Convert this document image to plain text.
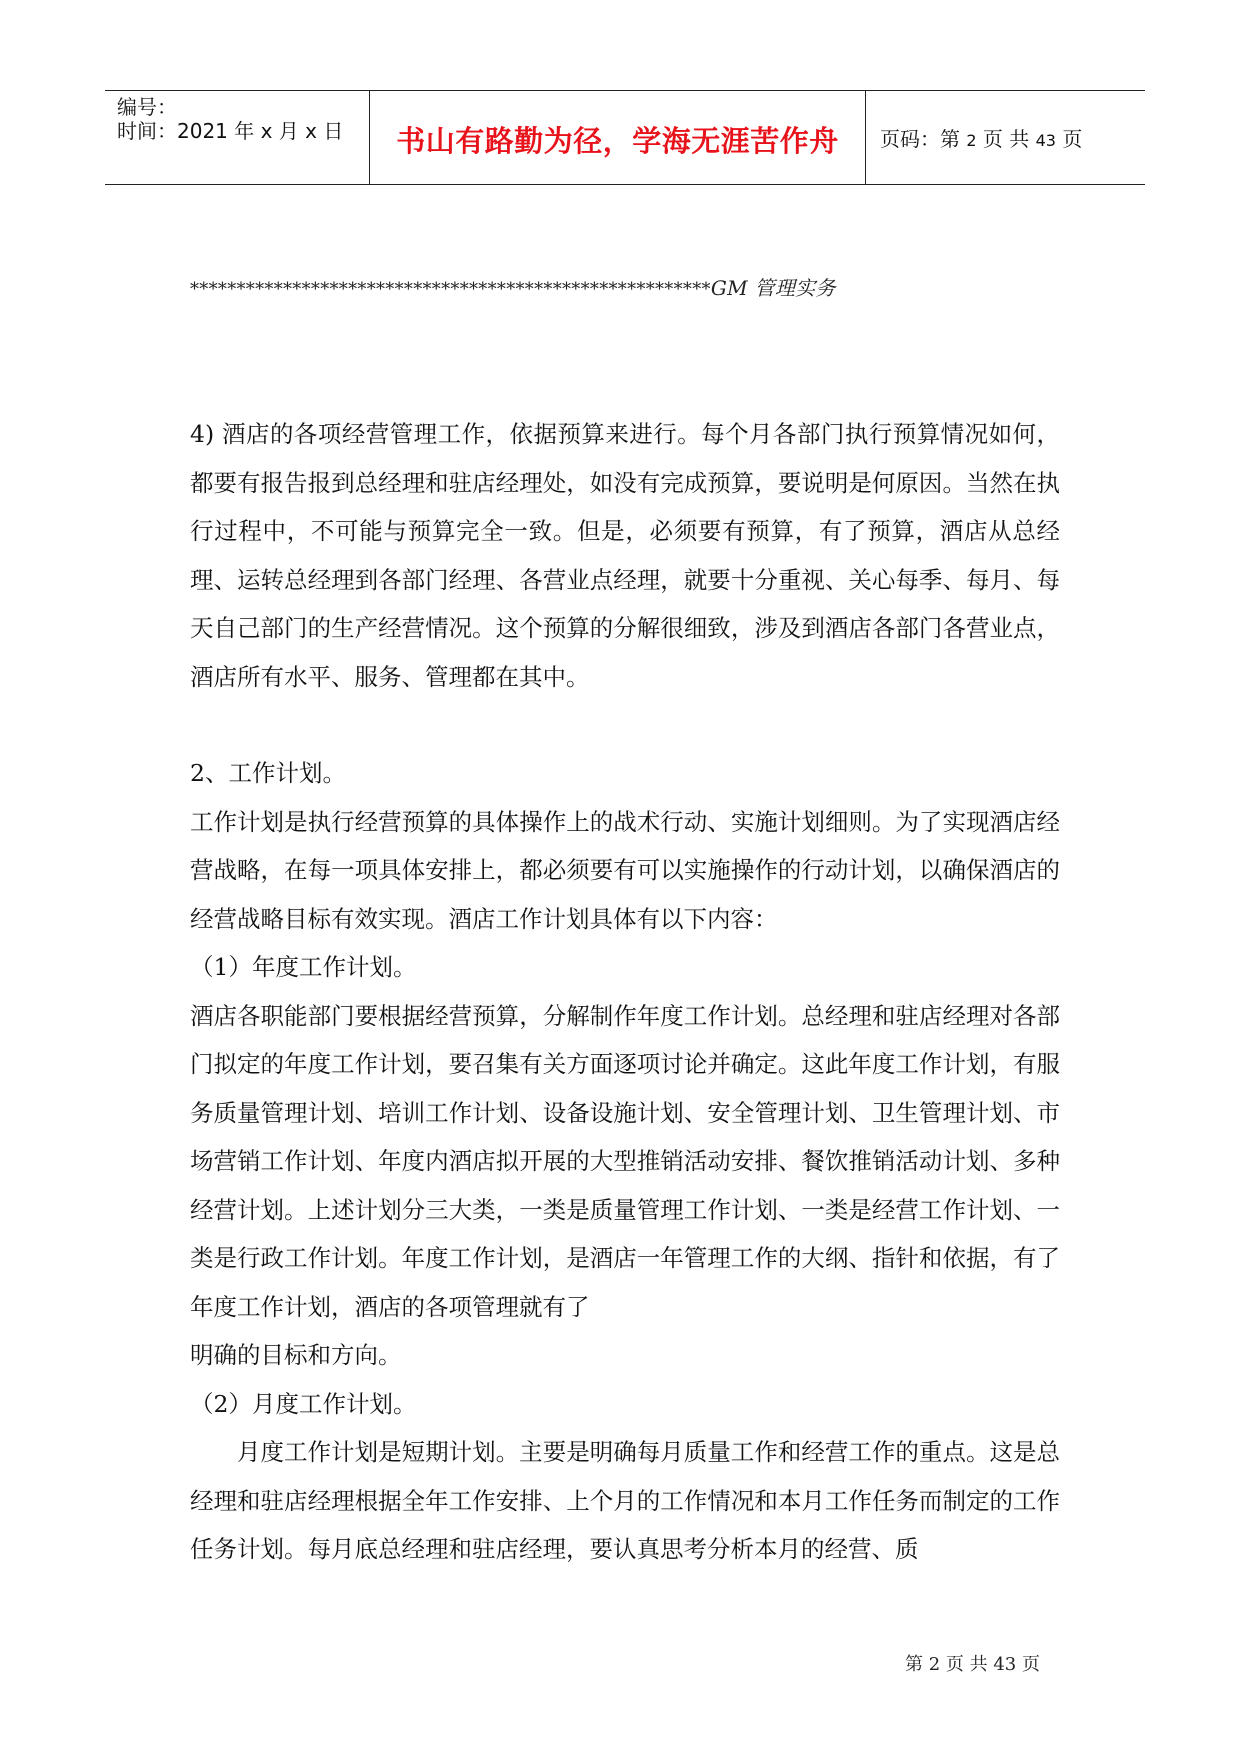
编号：
时间：2021 年 x 月 x 日	书山有路勤为径，学海无涯苦作舟	页码：第 2 页 共 43 页
********************************************************GM 管理实务

4) 酒店的各项经营管理工作，依据预算来进行。每个月各部门执行预算情况如何，都要有报告报到总经理和驻店经理处，如没有完成预算，要说明是何原因。当然在执行过程中，不可能与预算完全一致。但是，必须要有预算，有了预算，酒店从总经理、运转总经理到各部门经理、各营业点经理，就要十分重视、关心每季、每月、每天自己部门的生产经营情况。这个预算的分解很细致，涉及到酒店各部门各营业点，酒店所有水平、服务、管理都在其中。

2、工作计划。

工作计划是执行经营预算的具体操作上的战术行动、实施计划细则。为了实现酒店经营战略，在每一项具体安排上，都必须要有可以实施操作的行动计划，以确保酒店的经营战略目标有效实现。酒店工作计划具体有以下内容：

（1）年度工作计划。

酒店各职能部门要根据经营预算，分解制作年度工作计划。总经理和驻店经理对各部门拟定的年度工作计划，要召集有关方面逐项讨论并确定。这此年度工作计划，有服务质量管理计划、培训工作计划、设备设施计划、安全管理计划、卫生管理计划、市场营销工作计划、年度内酒店拟开展的大型推销活动安排、餐饮推销活动计划、多种经营计划。上述计划分三大类，一类是质量管理工作计划、一类是经营工作计划、一类是行政工作计划。年度工作计划，是酒店一年管理工作的大纲、指针和依据，有了年度工作计划，酒店的各项管理就有了

明确的目标和方向。

（2）月度工作计划。

月度工作计划是短期计划。主要是明确每月质量工作和经营工作的重点。这是总经理和驻店经理根据全年工作安排、上个月的工作情况和本月工作任务而制定的工作任务计划。每月底总经理和驻店经理，要认真思考分析本月的经营、质

第 2 页 共 43 页
